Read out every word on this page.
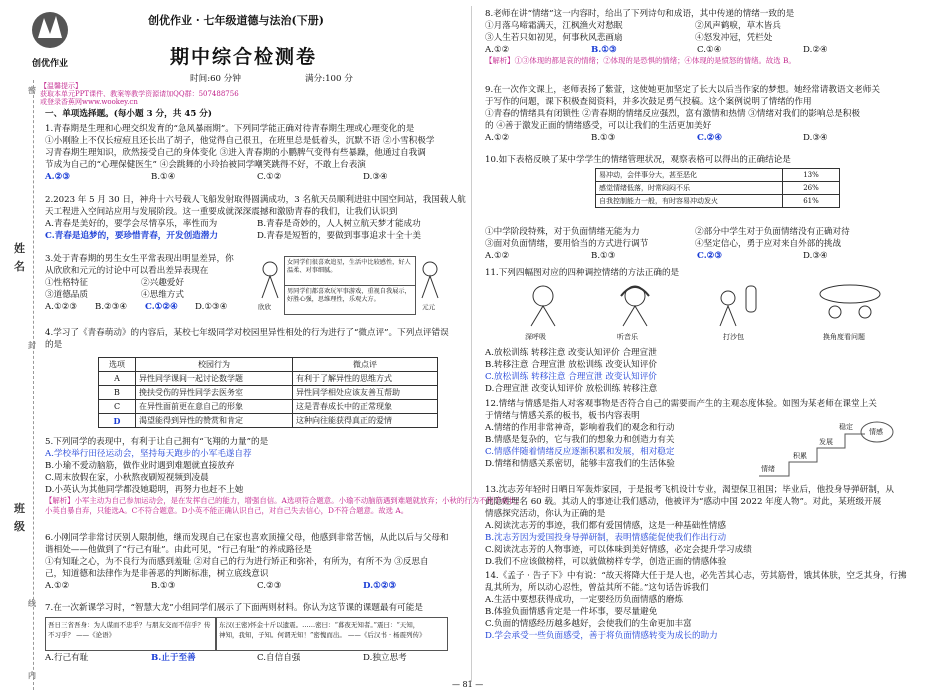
创优作业
创优作业 · 七年级道德与法治(下册)
期中综合检测卷
时间:60 分钟	满分:100 分
【温馨提示】
获取本单元PPT课件、教案等教学资源请加QQ群：507488756
或登录香蕉网www.wookey.cn
密
姓
名
封
班
级
线
内
一、单项选择题。(每小题 3 分，共 45 分)
1.青春期是生理和心理交织发育的“急风暴雨期”。下列同学能正确对待青春期生理或心理变化的是
①小刚脸上不仅长痘痘且还长出了胡子，他觉得自己很丑，在班里总是低着头，沉默不语 ②小雪积极学
习青春期生理知识，欣然接受自己的身体变化 ③进入青春期的小鹏脾气变得有些暴躁，他通过自我调
节成为自己的“心理保健医生” ④会跳舞的小玲抬被同学嘲笑跳得不好，不敢上台表演
A.②③	B.①④	C.①②	D.③④
2.2023 年 5 月 30 日，神舟十六号载人飞船发射取得圆满成功，3 名航天员顺利进驻中国空间站，我国载人航
天工程进入空间站应用与发展阶段。这一重要成就深深震撼和激励青春的我们，让我们认识到
A.青春是美好的，要学会尽情享乐，率性而为	B.青春是奇妙的，人人树立航天梦才能成功
C.青春是追梦的，要珍惜青春，开发创造潜力	D.青春是短暂的，要做到事事追求十全十美
3.处于青春期的男生女生平常表现出明显差异，你
从欣欣和元元的讨论中可以看出差异表现在
①性格特征	②兴趣爱好
③道德品质	④思维方式
A.①②③ B.②③④ C.①②④ D.①③④
女同学们很喜欢追星，生活中比较感性，好人温柔、对事细腻。
男同学们都喜欢玩军事游戏，重视自我展示，好胜心强，思维理性，乐观大方。
欣欣	元元
4.学习了《青春萌动》的内容后，某校七年级同学对校园里异性相处的行为进行了“微点评”。下列点评错误
的是
选项	校园行为	微点评
A	异性同学课间一起讨论数学题	有利于了解异性的思维方式
B	挽扶受伤的异性同学去医务室	异性同学相处应该友善互帮助
C	在异性面前更在意自己的形象	这是青春成长中的正常现象
D	渴望能得到异性的赞赏和肯定	这种向往能获得真正的爱情
5.下列同学的表现中，有利于让自己拥有“飞翔的力量”的是
A.学校举行田径运动会，坚持每天跑步的小军毛遂自荐
B.小瑜不爱动脑筋，做作业时遇到难题就直接放弃
C.周末放假在家，小秋熬夜刷短视频到凌晨
D.小英认为其他同学都没她聪明，再努力也赶不上她
【解析】小军主动为自己参加运动会，是在发挥自己的能力，增强自信。A选项符合题意。小瑜不动脑筋遇到难题就放弃；小秋的行为不利于成长；
小英自暴自弃，只能选A。C不符合题意。D小英不能正确认识自己，对自己失去信心，D不符合题意。故选 A。
6.小刚同学非常讨厌别人限制他，继而发现自己在家也喜欢顶撞父母，他感到非常苦恼，从此以后与父母和
谐相处——他做到了“行己有耻”。由此可见，“行己有耻”的养成路径是
①有知耻之心，为不良行为而感到羞耻 ②对自己的行为进行矫正和弥补，有所为，有所不为 ③反思自
己，知道德和法律作为是非善恶的判断标准，树立底线意识
A.①②	B.①③	C.②③	D.①②③
7.在一次新课学习时，“智慧大龙”小组同学们展示了下面两则材料。你认为这节课的课题最有可能是
吾日三省吾身：为人谋而不忠乎？与朋友交而不信乎？传
不习乎？ ——《论语》
东汉(王密)怀金十斤以遗震。……密曰：“暮夜无知者。”震曰：“天知，
神知，我知，子知。何谓无知！”密愧而出。 ——《后汉书 · 杨震列传》
A.行己有耻	B.止于至善	C.自信自强	D.独立思考
8.老师在讲“情绪”这一内容时，给出了下列诗句和成语，其中传递的情绪一致的是
①月落乌啼霜满天，江枫渔火对愁眠	②风声鹤唳，草木皆兵
③人生若只如初见，何事秋风悲画扇	④怒发冲冠，凭栏处
A.①②	B.①③	C.①④	D.②④
【解析】①③体现的都是哀的情绪；②体现的是恐惧的情绪；④体现的是愤怒的情绪。故选 B。
9.在一次作文课上，老师表扬了紫萱，这使她更加坚定了长大以后当作家的梦想。她经常请教语文老师关
于写作的问题，课下积极查阅资料，并多次鼓足勇气投稿。这个案例说明了情绪的作用
①青春的情绪具有闭锁性 ②青春期的情绪反应强烈，富有激情和热情 ③情绪对我们的影响总是积极
的 ④善于激发正面的情绪感受，可以让我们的生活更加美好
A.①②	B.①③	C.②④	D.③④
10.如下表格反映了某中学学生的情绪管理状况，观察表格可以得出的正确结论是
易冲动，会伴事分大，甚至恶化	13%
感觉情绪低落，时常闷闷不乐	26%
自我控制能力一般，有时容易冲动发火	61%
①中学阶段特殊，对于负面情绪无能为力	②部分中学生对于负面情绪没有正确对待
③面对负面情绪，要用恰当的方式进行调节	④坚定信心，勇于应对来自外部的挑战
A.①②	B.①③	C.②③	D.③④
11.下列四幅图对应的四种调控情绪的方法正确的是
深呼吸	听音乐	打沙包	换角度看问题
A.放松训练 转移注意 改变认知评价 合理宣泄
B.转移注意 合理宣泄 放松训练 改变认知评价
C.放松训练 转移注意 合理宣泄 改变认知评价
D.合理宣泄 改变认知评价 放松训练 转移注意
12.情绪与情感是指人对客观事物是否符合自己的需要而产生的主观态度体验。如图为某老师在课堂上关
于情绪与情感关系的板书，板书内容表明
A.情绪的作用非常神奇，影响着我们的观念和行动
B.情感是复杂的，它与我们的想象力和创造力有关
C.情感伴随着情绪反应逐渐积累和发展，相对稳定
D.情绪和情感关系密切，能够丰富我们的生活体验	情绪
积累
发展
稳定
情感
13.沈志芳年轻时日晒日军轰炸家园，于是报考飞机设计专业，渴望保卫祖国；毕业后，他投身导弹研制，从
此隐姓埋名 60 载。其动人的事迹让我们感动，他被评为“感动中国 2022 年度人物”。对此，某班级开展
情感探究活动，你认为正确的是
A.阅读沈志芳的事迹，我们都有爱国情感，这是一种基础性情感
B.沈志芳因为爱国投身导弹研制，表明情感能促使我们作出行动
C.阅读沈志芳的人物事迹，可以体味到美好情感，必定会提升学习成绩
D.我们不应该做榜样，可以就做榜样专学，创造正面的情感体验
14.《孟子 · 告子下》中有说：“故天将降大任于是人也，必先苦其心志，劳其筋骨，饿其体肤，空乏其身，行拂
乱其所为，所以动心忍性，曾益其所不能。”这句话告诉我们
A.生活中要想获得成功，一定要经历负面情感的磨炼
B.体验负面情感肯定是一件坏事，要尽量避免
C.负面的情感经历越多越好，会使我们的生命更加丰富
D.学会承受一些负面感受，善于将负面情感转变为成长的助力
— 81 —
